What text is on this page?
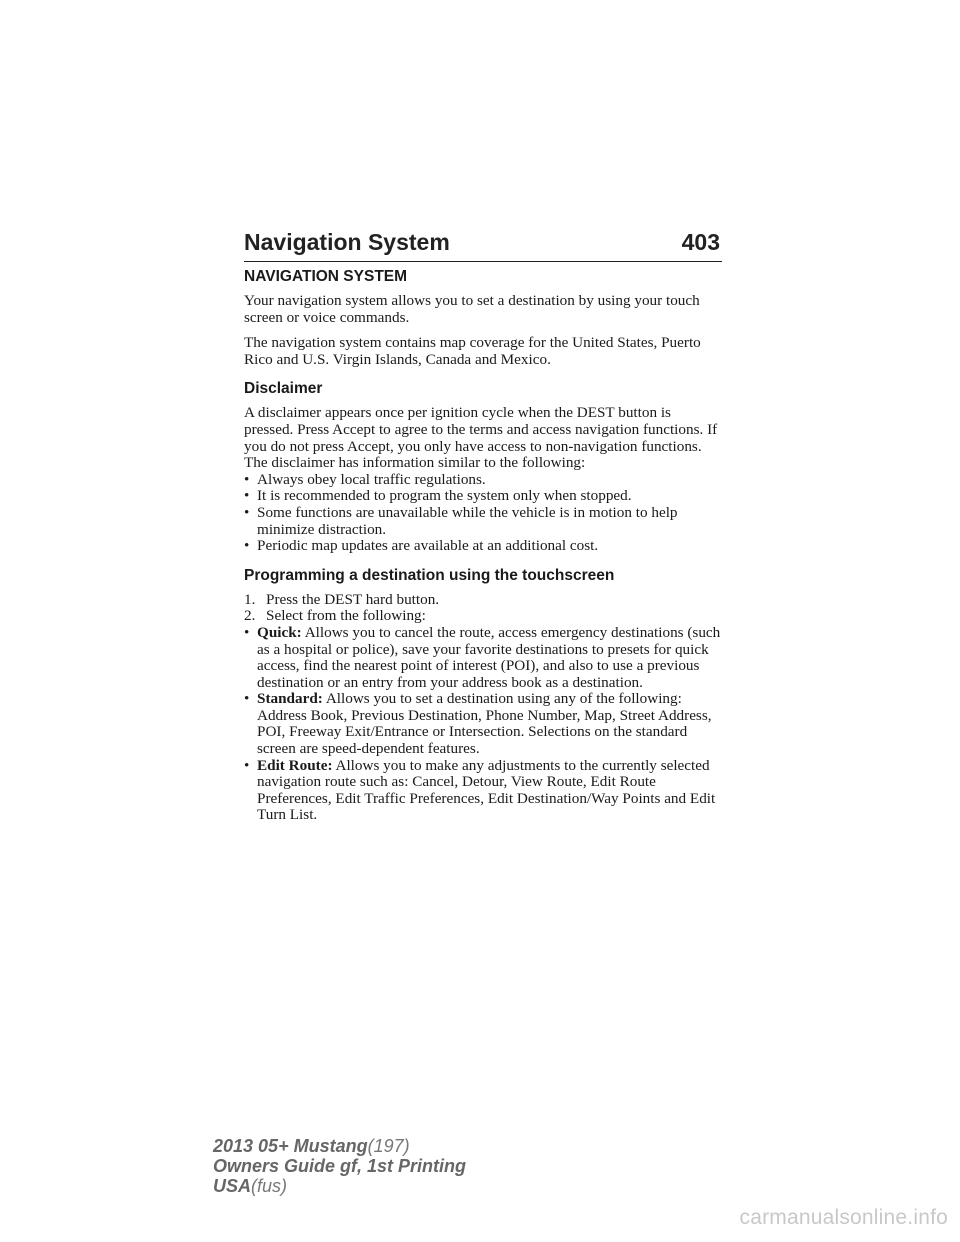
Navigation System	403
NAVIGATION SYSTEM

Your navigation system allows you to set a destination by using your touch screen or voice commands.

The navigation system contains map coverage for the United States, Puerto Rico and U.S. Virgin Islands, Canada and Mexico.

Disclaimer

A disclaimer appears once per ignition cycle when the DEST button is pressed. Press Accept to agree to the terms and access navigation functions. If you do not press Accept, you only have access to non-navigation functions. The disclaimer has information similar to the following:

• Always obey local traffic regulations.
• It is recommended to program the system only when stopped.
• Some functions are unavailable while the vehicle is in motion to help minimize distraction.
• Periodic map updates are available at an additional cost.
Programming a destination using the touchscreen
1. Press the DEST hard button.
2. Select from the following:
• Quick: Allows you to cancel the route, access emergency destinations (such as a hospital or police), save your favorite destinations to presets for quick access, find the nearest point of interest (POI), and also to use a previous destination or an entry from your address book as a destination.
• Standard: Allows you to set a destination using any of the following: Address Book, Previous Destination, Phone Number, Map, Street Address, POI, Freeway Exit/Entrance or Intersection. Selections on the standard screen are speed-dependent features.
• Edit Route: Allows you to make any adjustments to the currently selected navigation route such as: Cancel, Detour, View Route, Edit Route Preferences, Edit Traffic Preferences, Edit Destination/Way Points and Edit Turn List.
2013 05+ Mustang(197)
Owners Guide gf, 1st Printing
USA(fus)
carmanualsonline.info
